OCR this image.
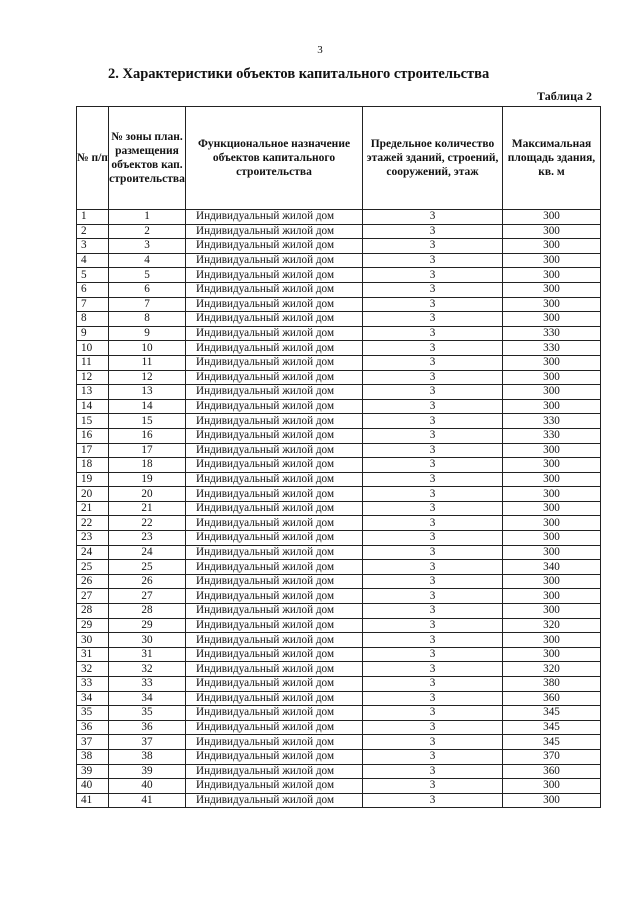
3
2. Характеристики объектов капитального строительства
Таблица 2
№ п/п	№ зоны план. размещения объектов кап. строительства	Функциональное назначение объектов капитального строительства	Предельное количество этажей зданий, строений, сооружений, этаж	Максимальная площадь здания, кв. м
1	1	Индивидуальный жилой дом	3	300
2	2	Индивидуальный жилой дом	3	300
3	3	Индивидуальный жилой дом	3	300
4	4	Индивидуальный жилой дом	3	300
5	5	Индивидуальный жилой дом	3	300
6	6	Индивидуальный жилой дом	3	300
7	7	Индивидуальный жилой дом	3	300
8	8	Индивидуальный жилой дом	3	300
9	9	Индивидуальный жилой дом	3	330
10	10	Индивидуальный жилой дом	3	330
11	11	Индивидуальный жилой дом	3	300
12	12	Индивидуальный жилой дом	3	300
13	13	Индивидуальный жилой дом	3	300
14	14	Индивидуальный жилой дом	3	300
15	15	Индивидуальный жилой дом	3	330
16	16	Индивидуальный жилой дом	3	330
17	17	Индивидуальный жилой дом	3	300
18	18	Индивидуальный жилой дом	3	300
19	19	Индивидуальный жилой дом	3	300
20	20	Индивидуальный жилой дом	3	300
21	21	Индивидуальный жилой дом	3	300
22	22	Индивидуальный жилой дом	3	300
23	23	Индивидуальный жилой дом	3	300
24	24	Индивидуальный жилой дом	3	300
25	25	Индивидуальный жилой дом	3	340
26	26	Индивидуальный жилой дом	3	300
27	27	Индивидуальный жилой дом	3	300
28	28	Индивидуальный жилой дом	3	300
29	29	Индивидуальный жилой дом	3	320
30	30	Индивидуальный жилой дом	3	300
31	31	Индивидуальный жилой дом	3	300
32	32	Индивидуальный жилой дом	3	320
33	33	Индивидуальный жилой дом	3	380
34	34	Индивидуальный жилой дом	3	360
35	35	Индивидуальный жилой дом	3	345
36	36	Индивидуальный жилой дом	3	345
37	37	Индивидуальный жилой дом	3	345
38	38	Индивидуальный жилой дом	3	370
39	39	Индивидуальный жилой дом	3	360
40	40	Индивидуальный жилой дом	3	300
41	41	Индивидуальный жилой дом	3	300
